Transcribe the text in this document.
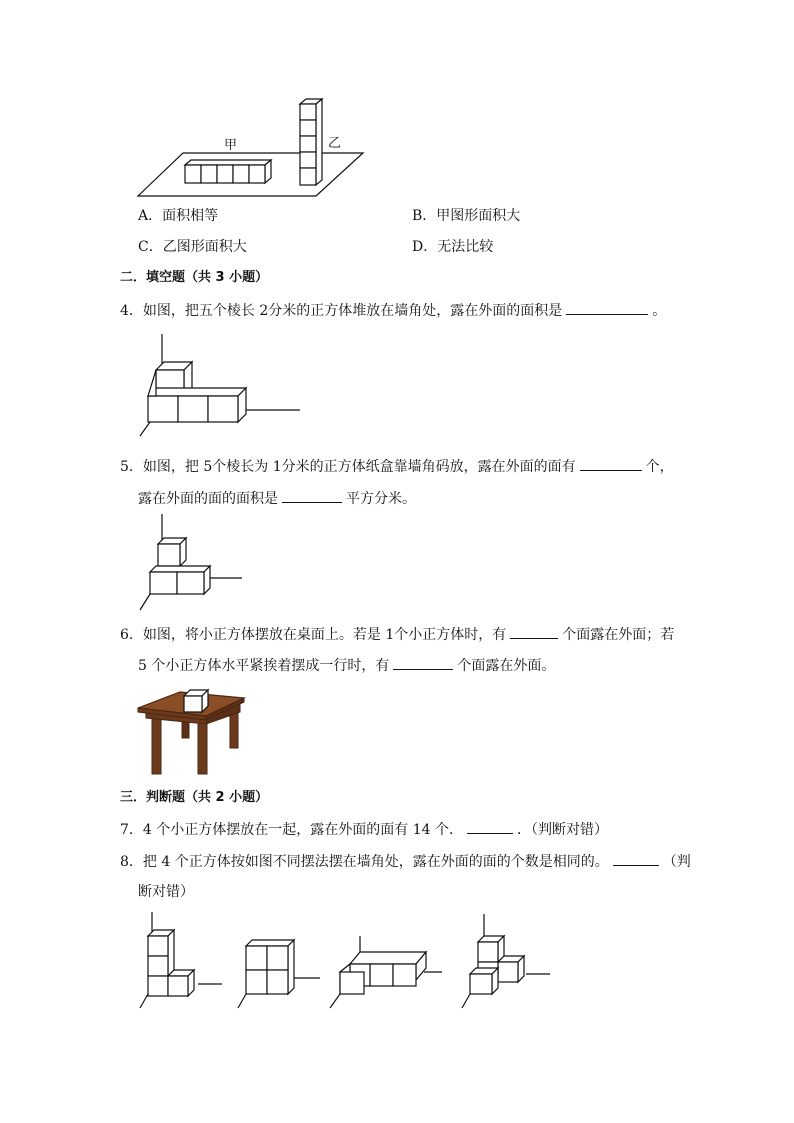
甲	乙
A．面积相等	B．甲图形面积大
C．乙图形面积大	D．无法比较
二．填空题（共 3 小题）
4．如图，把五个棱长 2分米的正方体堆放在墙角处，露在外面的面积是	。
5．如图，把 5个棱长为 1分米的正方体纸盒靠墙角码放，露在外面的面有	个，
露在外面的面的面积是	平方分米。
6．如图，将小正方体摆放在桌面上。若是 1个小正方体时，有	个面露在外面；若
5 个小正方体水平紧挨着摆成一行时，有	个面露在外面。
三．判断题（共 2 小题）
7．4 个小正方体摆放在一起，露在外面的面有 14 个．	．（判断对错）
8．把 4 个正方体按如图不同摆法摆在墙角处，露在外面的面的个数是相同的。	（判
断对错）
